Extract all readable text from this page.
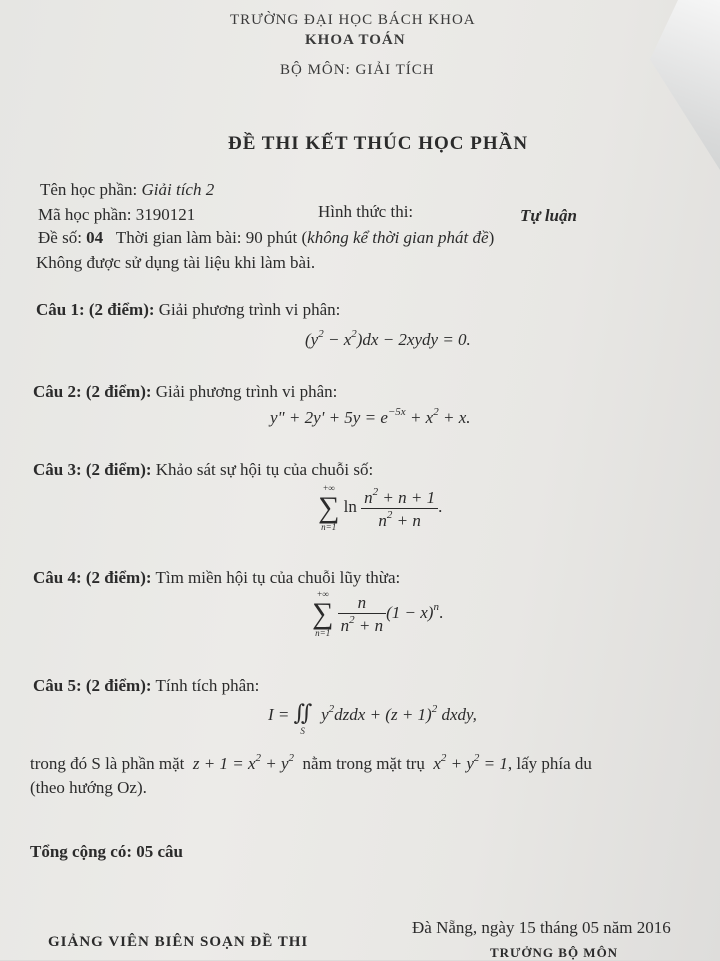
TRƯỜNG ĐẠI HỌC BÁCH KHOA
KHOA TOÁN
BỘ MÔN: GIẢI TÍCH
ĐỀ THI KẾT THÚC HỌC PHẦN
Tên học phần: Giải tích 2
Mã học phần: 3190121	Hình thức thi:	Tự luận
Đề số: 04 Thời gian làm bài: 90 phút (không kể thời gian phát đề)
Không được sử dụng tài liệu khi làm bài.
Câu 1: (2 điểm): Giải phương trình vi phân:
$(y^2 - x^2)dx$ − 2xydy = 0.
Câu 2: (2 điểm): Giải phương trình vi phân:
y" + $2y' + 5y = e^{-5x} + x^2 + x$.
Câu 3: (2 điểm): Khảo sát sự hội tụ của chuỗi số:
+∞
∑
n=1
$\ln \frac{n^2 + n + 1}{n^2 + n}$ .
Câu 4: (2 điểm): Tìm miền hội tụ của chuỗi lũy thừa:
+∞
∑
n=1
$\frac{n}{n^2 + n} (1 - x)^n$.
Câu 5: (2 điểm): Tính tích phân:
$I = ∬_S$ $y^2dzdx + (z + 1)^2$ dxdy,
trong đó S là phần mặt  $z + 1 = x^2 + y^2$ nằm trong mặt trụ  $x^2 + y^2 = 1$, lấy phía du
(theo hướng Oz).
Tổng cộng có: 05 câu
Đà Nẵng, ngày 15 tháng 05 năm 2016
GIẢNG VIÊN BIÊN SOẠN ĐỀ THI
TRƯỞNG BỘ MÔN
